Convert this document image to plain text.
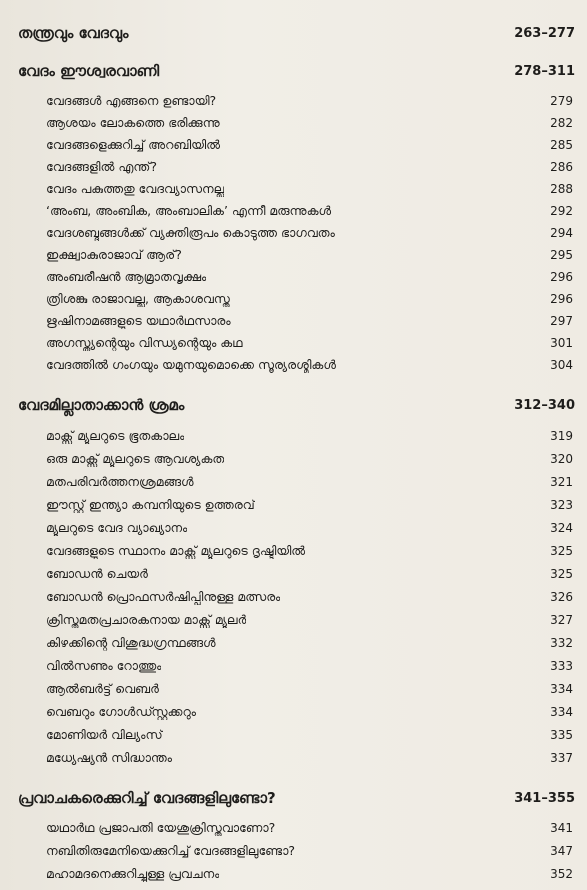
തന്ത്രവും വേദവും	263–277
വേദം ഈശ്വരവാണി	278–311
വേദങ്ങൾ എങ്ങനെ ഉണ്ടായി?	279
ആശയം ലോകത്തെ ഭരിക്കുന്നു	282
വേദങ്ങളെക്കുറിച്ച് അറബിയിൽ	285
വേദങ്ങളിൽ എന്ത്?	286
വേദം പകുത്തതു വേദവ്യാസനല്ല	288
‘അംബ, അംബിക, അംബാലിക’ എന്നീ മരുന്നുകൾ	292
വേദശബ്ദങ്ങൾക്ക് വ്യക്തിരൂപം കൊടുത്ത ഭാഗവതം	294
ഇക്ഷ്വാകുരാജാവ് ആര്?	295
അംബരീഷൻ ആമ്രാതവൃക്ഷം	296
ത്രിശങ്കു രാജാവല്ല, ആകാശവസ്തു	296
ഋഷിനാമങ്ങളുടെ യഥാർഥസാരം	297
അഗസ്ത്യന്റെയും വിന്ധ്യന്റെയും കഥ	301
വേദത്തിൽ ഗംഗയും യമുനയുമൊക്കെ സൂര്യരശ്മികൾ	304
വേദമില്ലാതാക്കാൻ ശ്രമം	312–340
മാക്സ് മ്യൂലറുടെ ഭൂതകാലം	319
ഒരു മാക്സ് മ്യൂലറുടെ ആവശ്യകത	320
മതപരിവർത്തനശ്രമങ്ങൾ	321
ഈസ്റ്റ് ഇന്ത്യാ കമ്പനിയുടെ ഉത്തരവ്	323
മ്യൂലറുടെ വേദ വ്യാഖ്യാനം	324
വേദങ്ങളുടെ സ്ഥാനം മാക്സ് മ്യൂലറുടെ ദൃഷ്ടിയിൽ	325
ബോഡൻ ചെയർ	325
ബോഡൻ പ്രൊഫസർഷിപ്പിനുള്ള മത്സരം	326
ക്രിസ്തുമതപ്രചാരകനായ മാക്സ് മ്യൂലർ	327
കിഴക്കിന്റെ വിശുദ്ധഗ്രന്ഥങ്ങൾ	332
വിൽസണും റോത്തും	333
ആൽബർട്ട് വെബർ	334
വെബറും ഗോൾഡ്സ്റ്റക്കറും	334
മോണിയർ വില്യംസ്	335
മധ്യേഷ്യൻ സിദ്ധാന്തം	337
പ്രവാചകരെക്കുറിച്ച് വേദങ്ങളിലുണ്ടോ?	341–355
യഥാർഥ പ്രജാപതി യേശുക്രിസ്തുവാണോ?	341
നബിതിരുമേനിയെക്കുറിച്ച് വേദങ്ങളിലുണ്ടോ?	347
മഹാമദനെക്കുറിച്ചുള്ള പ്രവചനം	352
